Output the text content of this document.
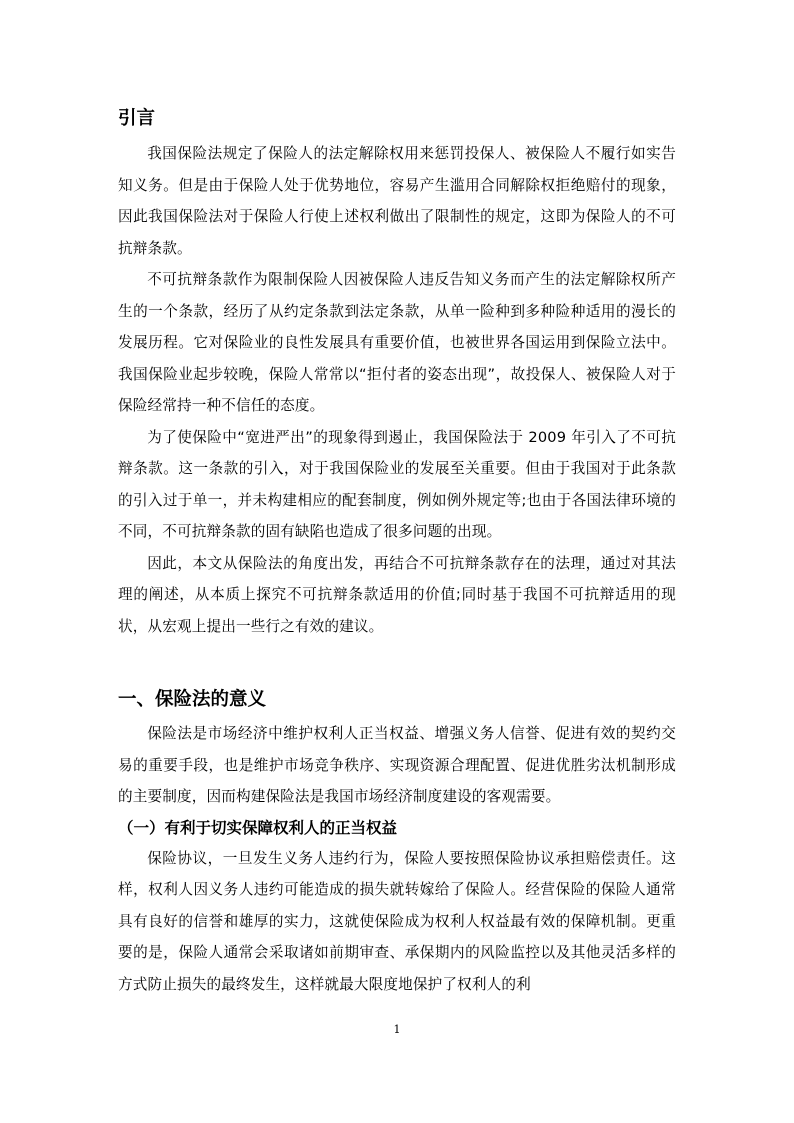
引言

我国保险法规定了保险人的法定解除权用来惩罚投保人、被保险人不履行如实告知义务。但是由于保险人处于优势地位，容易产生滥用合同解除权拒绝赔付的现象，因此我国保险法对于保险人行使上述权利做出了限制性的规定，这即为保险人的不可抗辩条款。

不可抗辩条款作为限制保险人因被保险人违反告知义务而产生的法定解除权所产生的一个条款，经历了从约定条款到法定条款，从单一险种到多种险种适用的漫长的发展历程。它对保险业的良性发展具有重要价值，也被世界各国运用到保险立法中。我国保险业起步较晚，保险人常常以“拒付者的姿态出现”，故投保人、被保险人对于保险经常持一种不信任的态度。

为了使保险中“宽进严出”的现象得到遏止，我国保险法于 2009 年引入了不可抗辩条款。这一条款的引入，对于我国保险业的发展至关重要。但由于我国对于此条款的引入过于单一，并未构建相应的配套制度，例如例外规定等;也由于各国法律环境的不同，不可抗辩条款的固有缺陷也造成了很多问题的出现。

因此，本文从保险法的角度出发，再结合不可抗辩条款存在的法理，通过对其法理的阐述，从本质上探究不可抗辩条款适用的价值;同时基于我国不可抗辩适用的现状，从宏观上提出一些行之有效的建议。

一、保险法的意义

保险法是市场经济中维护权利人正当权益、增强义务人信誉、促进有效的契约交易的重要手段，也是维护市场竞争秩序、实现资源合理配置、促进优胜劣汰机制形成的主要制度，因而构建保险法是我国市场经济制度建设的客观需要。

（一）有利于切实保障权利人的正当权益

保险协议，一旦发生义务人违约行为，保险人要按照保险协议承担赔偿责任。这样，权利人因义务人违约可能造成的损失就转嫁给了保险人。经营保险的保险人通常具有良好的信誉和雄厚的实力，这就使保险成为权利人权益最有效的保障机制。更重要的是，保险人通常会采取诸如前期审查、承保期内的风险监控以及其他灵活多样的方式防止损失的最终发生，这样就最大限度地保护了权利人的利

1
